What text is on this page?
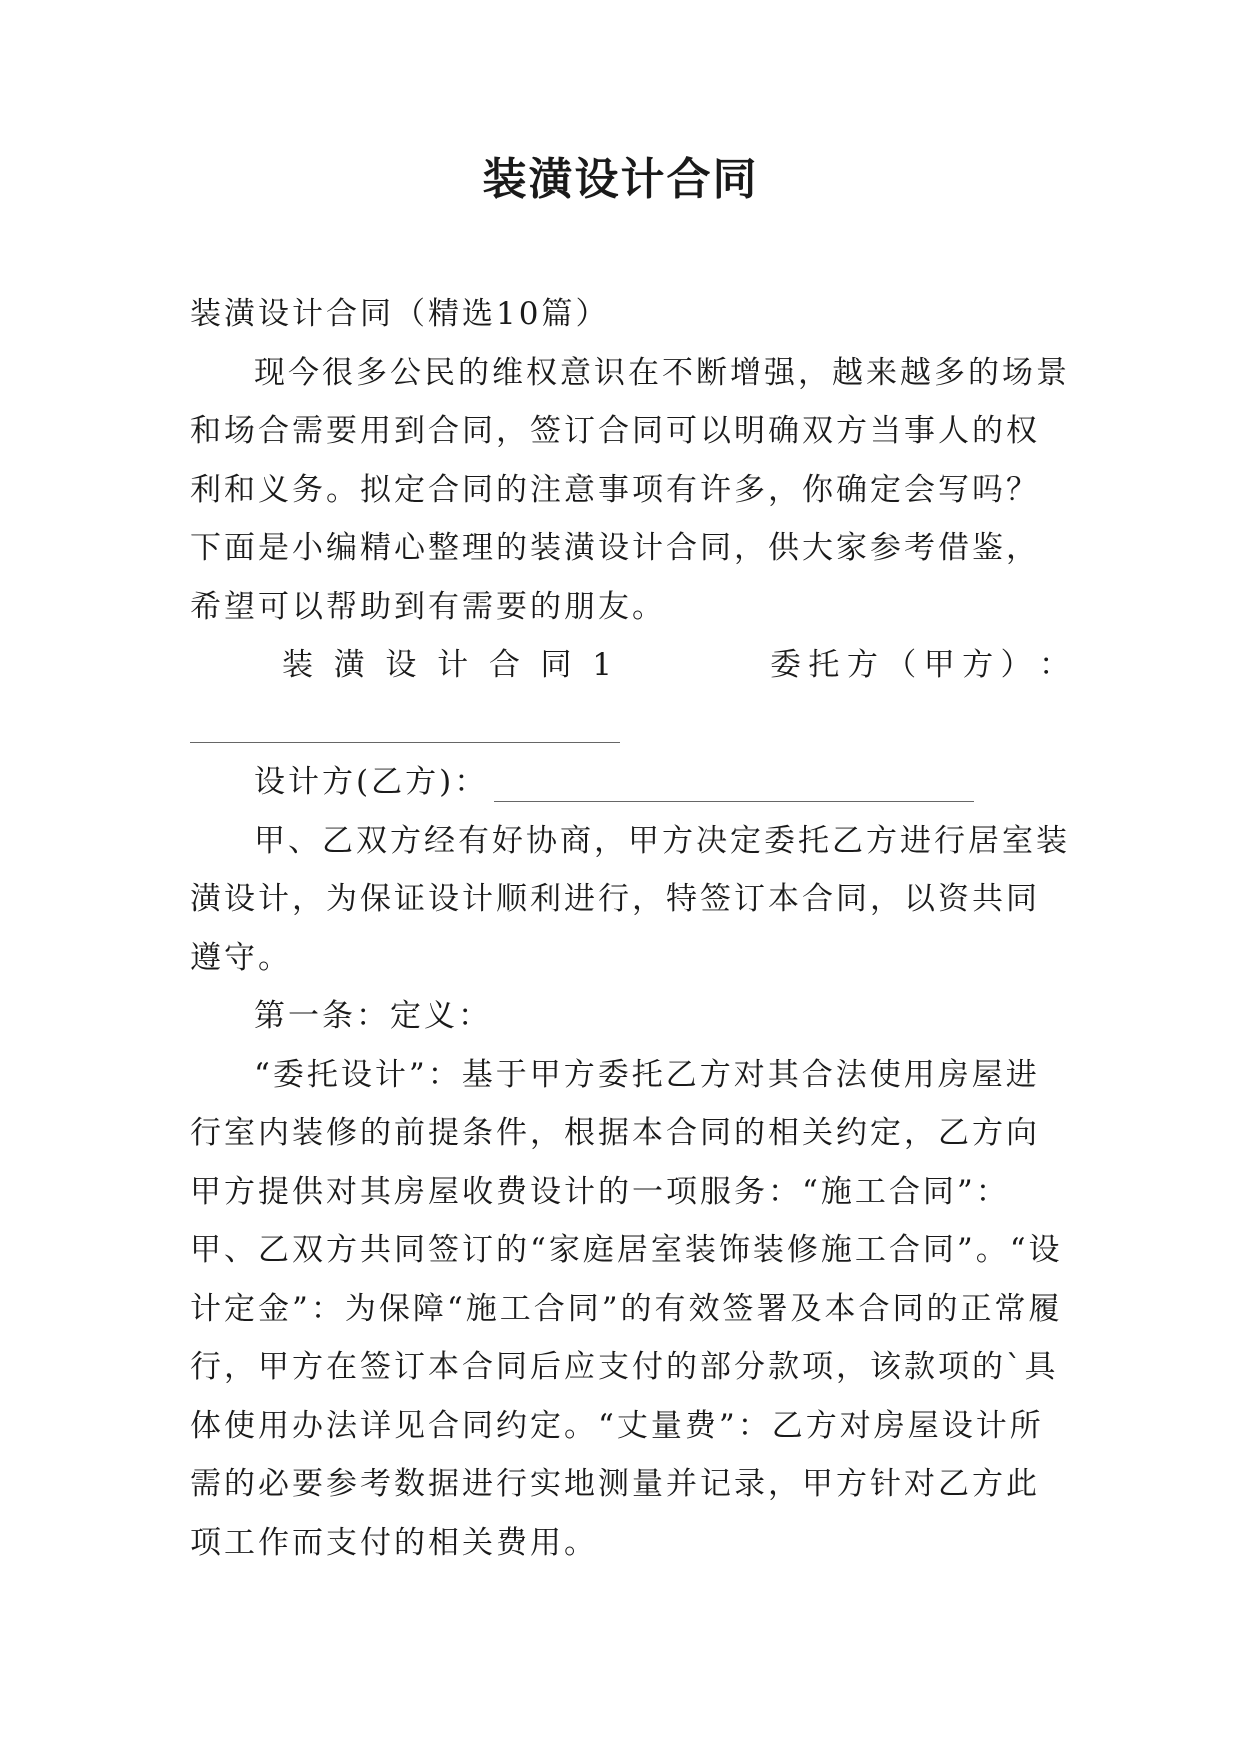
装潢设计合同

装潢设计合同（精选10篇）

现今很多公民的维权意识在不断增强，越来越多的场景和场合需要用到合同，签订合同可以明确双方当事人的权利和义务。拟定合同的注意事项有许多，你确定会写吗？下面是小编精心整理的装潢设计合同，供大家参考借鉴，希望可以帮助到有需要的朋友。

装 潢 设 计 合 同 1	委 托 方 （ 甲 方 ） ：

设计方(乙方)：

甲、乙双方经有好协商，甲方决定委托乙方进行居室装潢设计，为保证设计顺利进行，特签订本合同，以资共同遵守。

第一条：定义：

“委托设计”：基于甲方委托乙方对其合法使用房屋进行室内装修的前提条件，根据本合同的相关约定，乙方向甲方提供对其房屋收费设计的一项服务：“施工合同”：甲、乙双方共同签订的“家庭居室装饰装修施工合同”。“设计定金”：为保障“施工合同”的有效签署及本合同的正常履行，甲方在签订本合同后应支付的部分款项，该款项的`具体使用办法详见合同约定。“丈量费”：乙方对房屋设计所需的必要参考数据进行实地测量并记录，甲方针对乙方此项工作而支付的相关费用。
